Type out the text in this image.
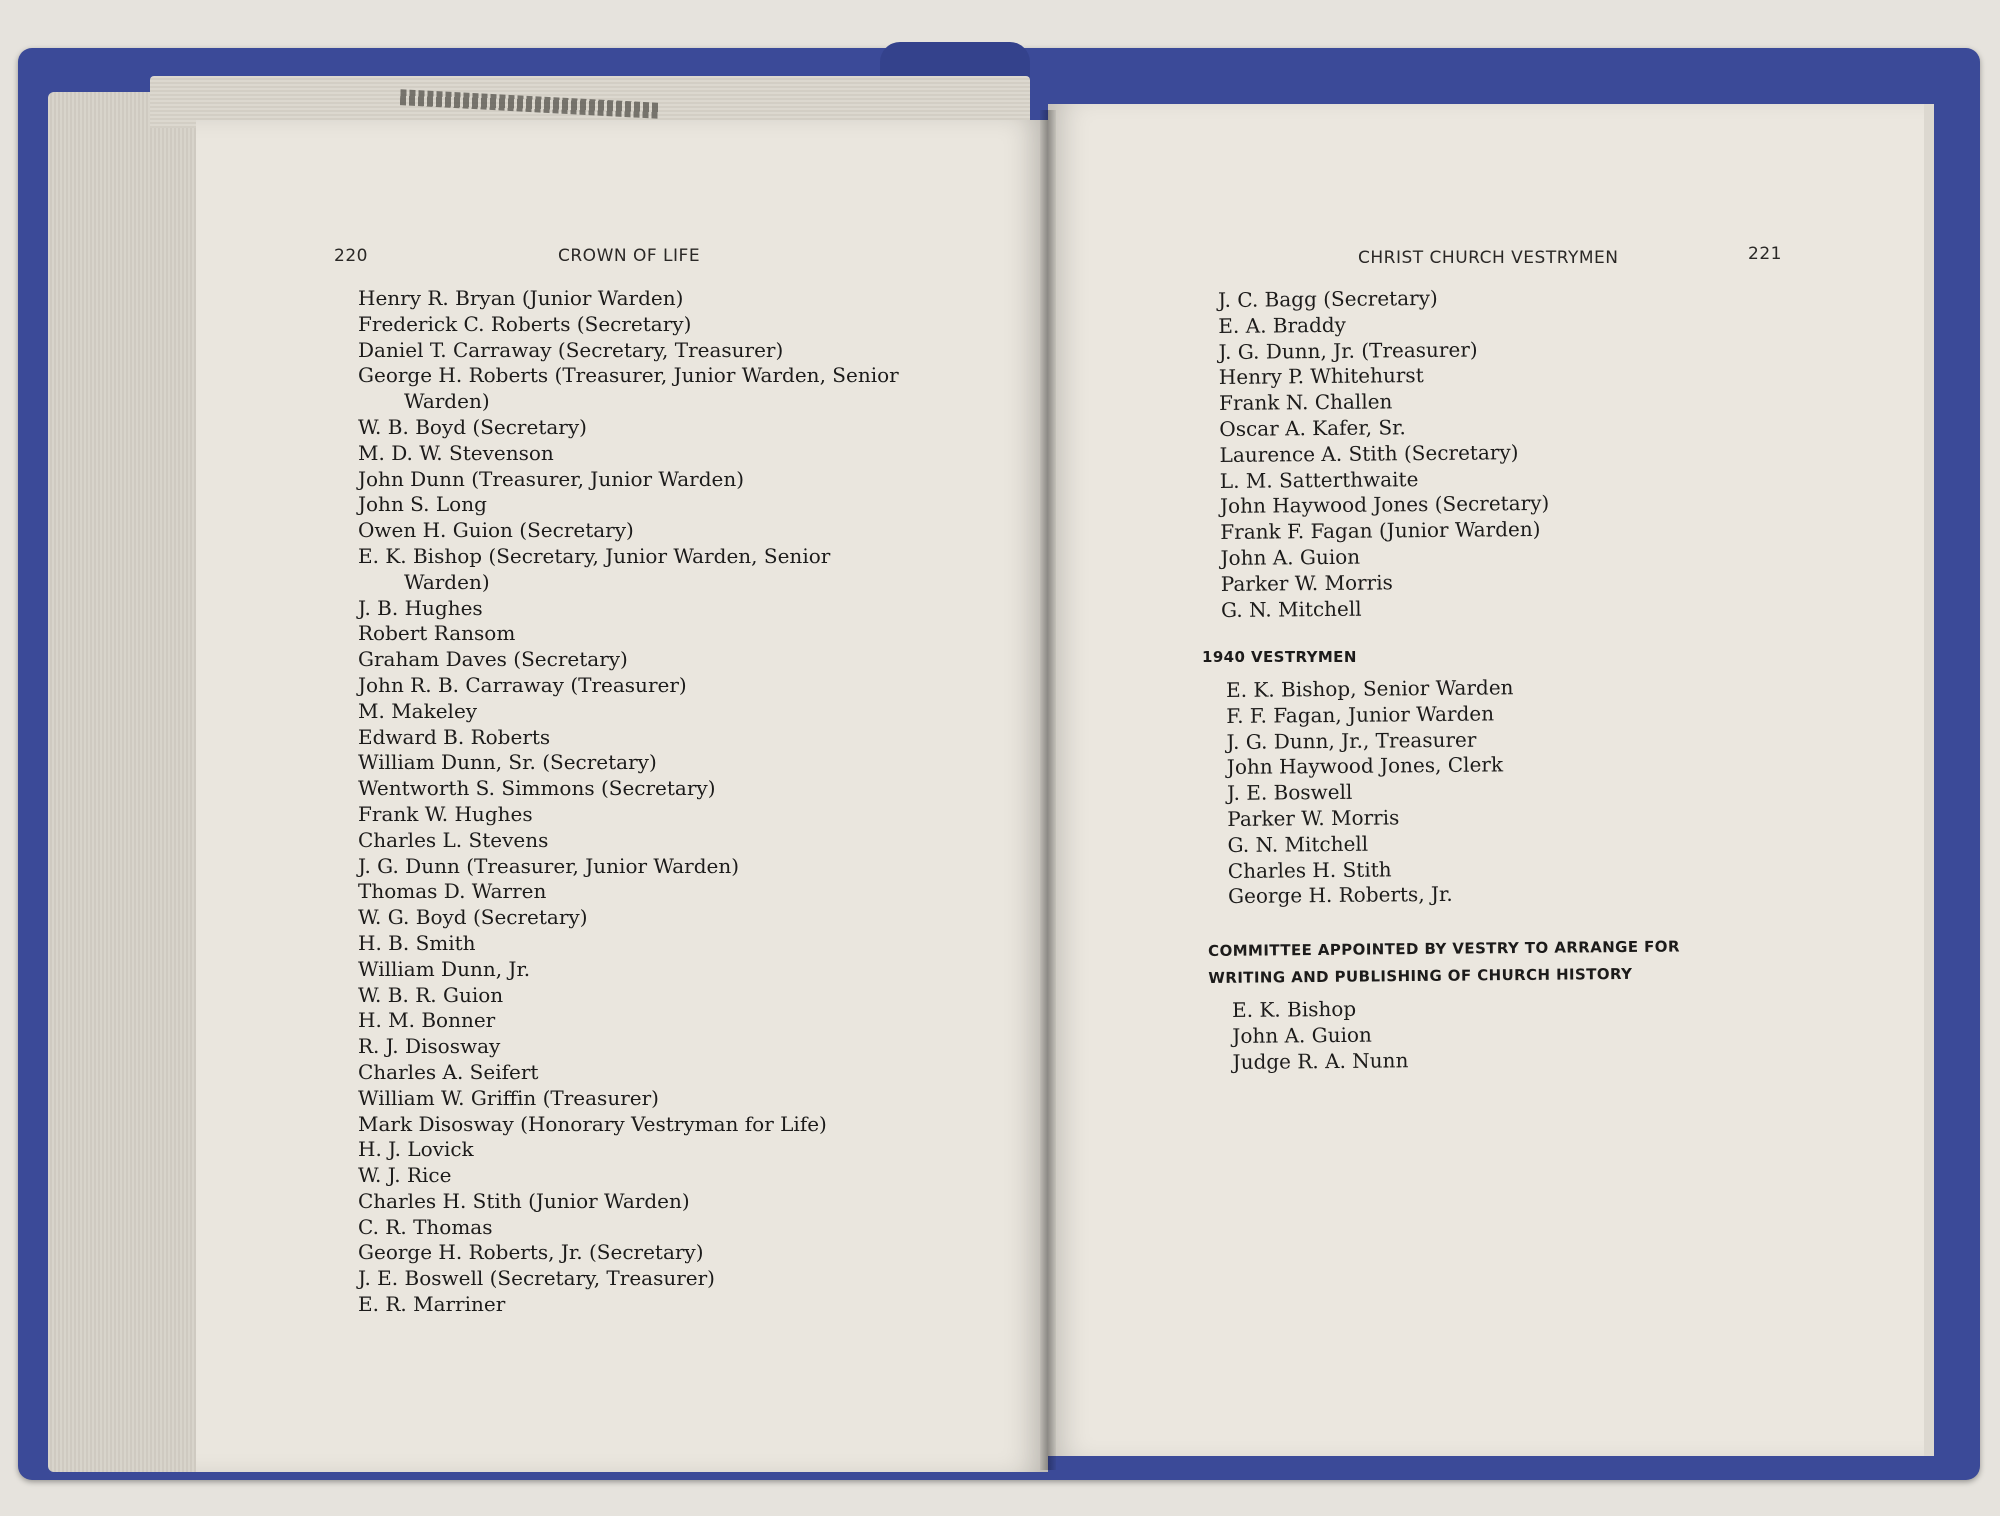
220	CROWN OF LIFE
Henry R. Bryan (Junior Warden)
Frederick C. Roberts (Secretary)
Daniel T. Carraway (Secretary, Treasurer)
George H. Roberts (Treasurer, Junior Warden, Senior
Warden)
W. B. Boyd (Secretary)
M. D. W. Stevenson
John Dunn (Treasurer, Junior Warden)
John S. Long
Owen H. Guion (Secretary)
E. K. Bishop (Secretary, Junior Warden, Senior
Warden)
J. B. Hughes
Robert Ransom
Graham Daves (Secretary)
John R. B. Carraway (Treasurer)
M. Makeley
Edward B. Roberts
William Dunn, Sr. (Secretary)
Wentworth S. Simmons (Secretary)
Frank W. Hughes
Charles L. Stevens
J. G. Dunn (Treasurer, Junior Warden)
Thomas D. Warren
W. G. Boyd (Secretary)
H. B. Smith
William Dunn, Jr.
W. B. R. Guion
H. M. Bonner
R. J. Disosway
Charles A. Seifert
William W. Griffin (Treasurer)
Mark Disosway (Honorary Vestryman for Life)
H. J. Lovick
W. J. Rice
Charles H. Stith (Junior Warden)
C. R. Thomas
George H. Roberts, Jr. (Secretary)
J. E. Boswell (Secretary, Treasurer)
E. R. Marriner
CHRIST CHURCH VESTRYMEN	221
J. C. Bagg (Secretary)
E. A. Braddy
J. G. Dunn, Jr. (Treasurer)
Henry P. Whitehurst
Frank N. Challen
Oscar A. Kafer, Sr.
Laurence A. Stith (Secretary)
L. M. Satterthwaite
John Haywood Jones (Secretary)
Frank F. Fagan (Junior Warden)
John A. Guion
Parker W. Morris
G. N. Mitchell
1940 VESTRYMEN
E. K. Bishop, Senior Warden
F. F. Fagan, Junior Warden
J. G. Dunn, Jr., Treasurer
John Haywood Jones, Clerk
J. E. Boswell
Parker W. Morris
G. N. Mitchell
Charles H. Stith
George H. Roberts, Jr.
COMMITTEE APPOINTED BY VESTRY TO ARRANGE FOR
WRITING AND PUBLISHING OF CHURCH HISTORY
E. K. Bishop
John A. Guion
Judge R. A. Nunn
